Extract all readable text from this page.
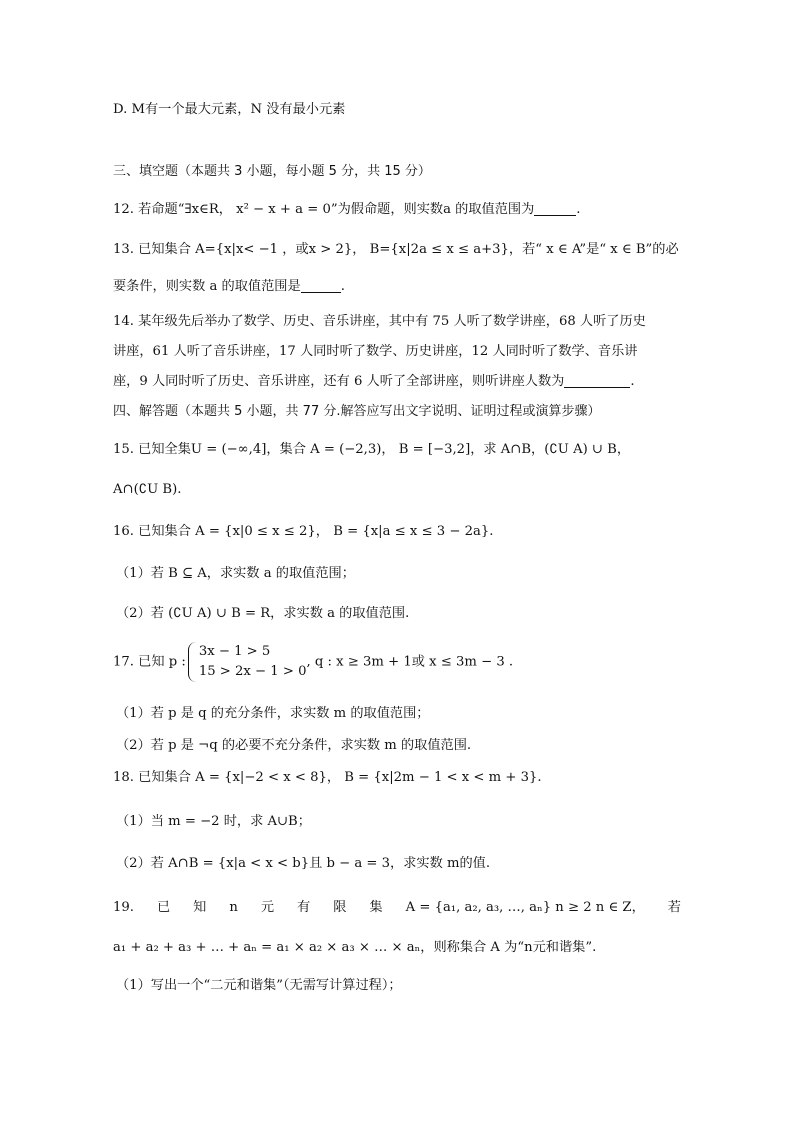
D. M有一个最大元素，N 没有最小元素
三、填空题（本题共 3 小题，每小题 5 分，共 15 分）
12. 若命题“∃x∈R， x² − x + a = 0”为假命题，则实数a 的取值范围为	.
13. 已知集合 A={x|x< −1 ，或x > 2}， B={x|2a ≤ x ≤ a+3}，若“ x ∈ A”是“ x ∈ B”的必
要条件，则实数 a 的取值范围是	.
14. 某年级先后举办了数学、历史、音乐讲座，其中有 75 人听了数学讲座，68 人听了历史
讲座，61 人听了音乐讲座，17 人同时听了数学、历史讲座，12 人同时听了数学、音乐讲
座，9 人同时听了历史、音乐讲座，还有 6 人听了全部讲座，则听讲座人数为	.
四、解答题（本题共 5 小题，共 77 分.解答应写出文字说明、证明过程或演算步骤）
15. 已知全集U = (−∞,4]，集合 A = (−2,3)， B = [−3,2]，求 A∩B，(∁U A) ∪ B，
A∩(∁U B).
16. 已知集合 A = {x|0 ≤ x ≤ 2}， B = {x|a ≤ x ≤ 3 − 2a}.
（1）若 B ⊆ A，求实数 a 的取值范围；
（2）若 (∁U A) ∪ B = R，求实数 a 的取值范围.
17. 已知 p :
3x − 1 > 5
15 > 2x − 1 > 0
, q : x ≥ 3m + 1或 x ≤ 3m − 3 .
（1）若 p 是 q 的充分条件，求实数 m 的取值范围；
（2）若 p 是 ¬q 的必要不充分条件，求实数 m 的取值范围.
18. 已知集合 A = {x|−2 < x < 8}， B = {x|2m − 1 < x < m + 3}.
（1）当 m = −2 时，求 A∪B；
（2）若 A∩B = {x|a < x < b}且 b − a = 3，求实数 m的值.
19. 已 知 n 元 有 限 集 A = {a₁, a₂, a₃, …, aₙ} n ≥ 2 n ∈ Z， 若
a₁ + a₂ + a₃ + … + aₙ = a₁ × a₂ × a₃ × … × aₙ，则称集合 A 为“n元和谐集”.
（1）写出一个“二元和谐集”（无需写计算过程）；
